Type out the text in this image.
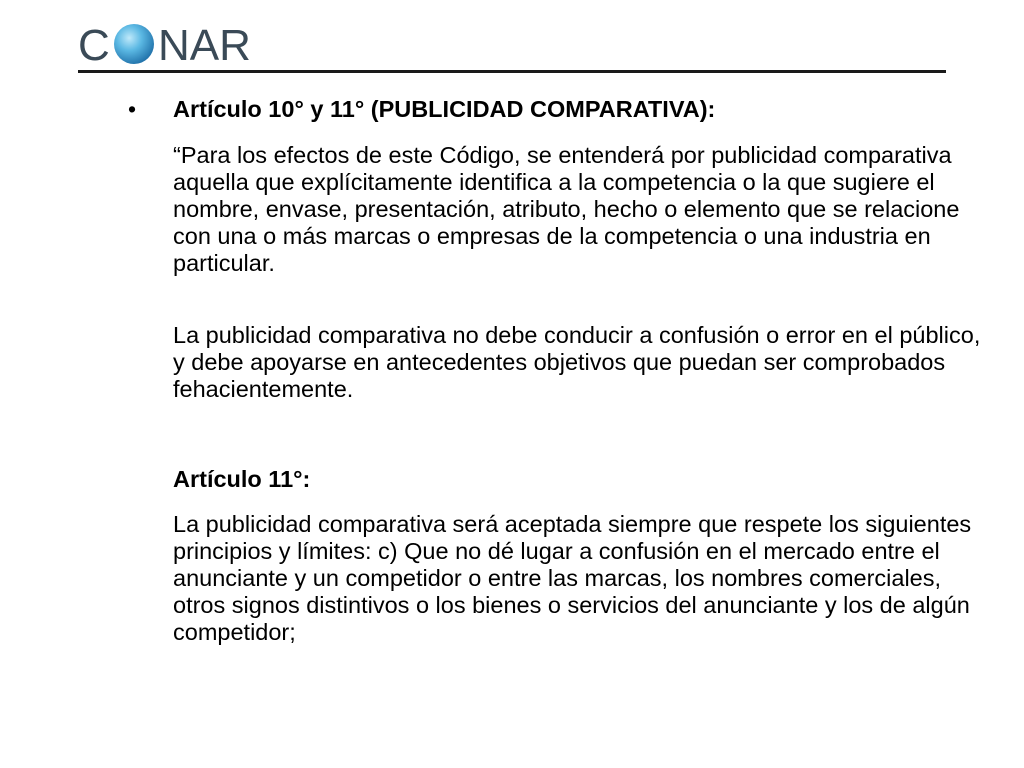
C NAR
• Artículo 10° y 11° (PUBLICIDAD COMPARATIVA):
“Para los efectos de este Código, se entenderá por publicidad comparativa aquella que explícitamente identifica a la competencia o la que sugiere el nombre, envase, presentación, atributo, hecho o elemento que se relacione con una o más marcas o empresas de la competencia o una industria en particular.
La publicidad comparativa no debe conducir a confusión o error en el público, y debe apoyarse en antecedentes objetivos que puedan ser comprobados fehacientemente.
Artículo 11°:
La publicidad comparativa será aceptada siempre que respete los siguientes principios y límites: c) Que no dé lugar a confusión en el mercado entre el anunciante y un competidor o entre las marcas, los nombres comerciales, otros signos distintivos o los bienes o servicios del anunciante y los de algún competidor;
